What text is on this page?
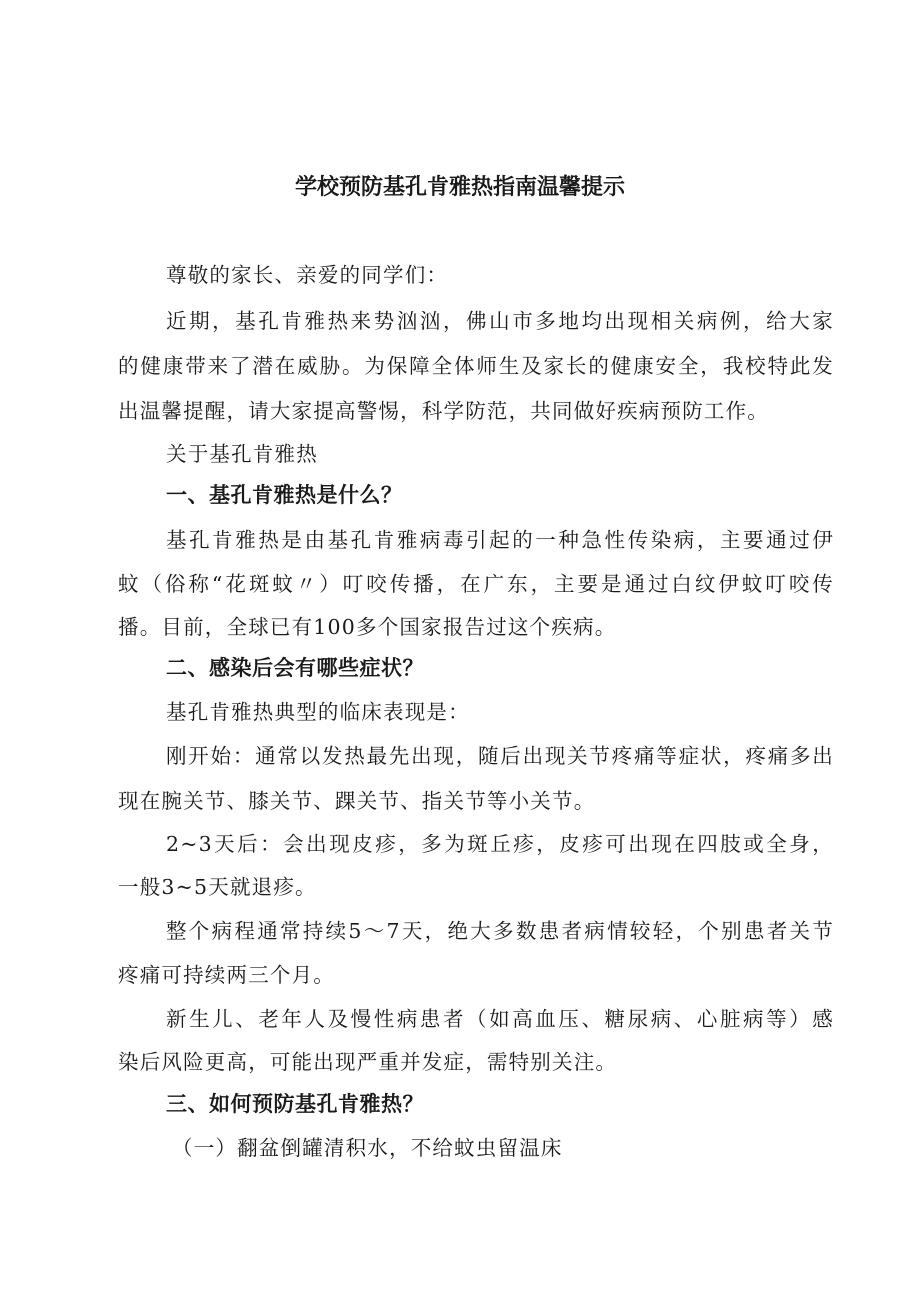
学校预防基孔肯雅热指南温馨提示
尊敬的家长、亲爱的同学们：
近期，基孔肯雅热来势汹汹，佛山市多地均出现相关病例，给大家
的健康带来了潜在威胁。为保障全体师生及家长的健康安全，我校特此发
出温馨提醒，请大家提高警惕，科学防范，共同做好疾病预防工作。
关于基孔肯雅热
一、基孔肯雅热是什么？
基孔肯雅热是由基孔肯雅病毒引起的一种急性传染病，主要通过伊
蚊（俗称“花斑蚊〃）叮咬传播，在广东，主要是通过白纹伊蚊叮咬传
播。目前，全球已有100多个国家报告过这个疾病。
二、感染后会有哪些症状？
基孔肯雅热典型的临床表现是：
刚开始：通常以发热最先出现，随后出现关节疼痛等症状，疼痛多出
现在腕关节、膝关节、踝关节、指关节等小关节。
2~3天后：会出现皮疹，多为斑丘疹，皮疹可出现在四肢或全身，
一般3~5天就退疹。
整个病程通常持续5～7天，绝大多数患者病情较轻，个别患者关节
疼痛可持续两三个月。
新生儿、老年人及慢性病患者（如高血压、糖尿病、心脏病等）感
染后风险更高，可能出现严重并发症，需特别关注。
三、如何预防基孔肯雅热？
（一）翻盆倒罐清积水，不给蚊虫留温床
